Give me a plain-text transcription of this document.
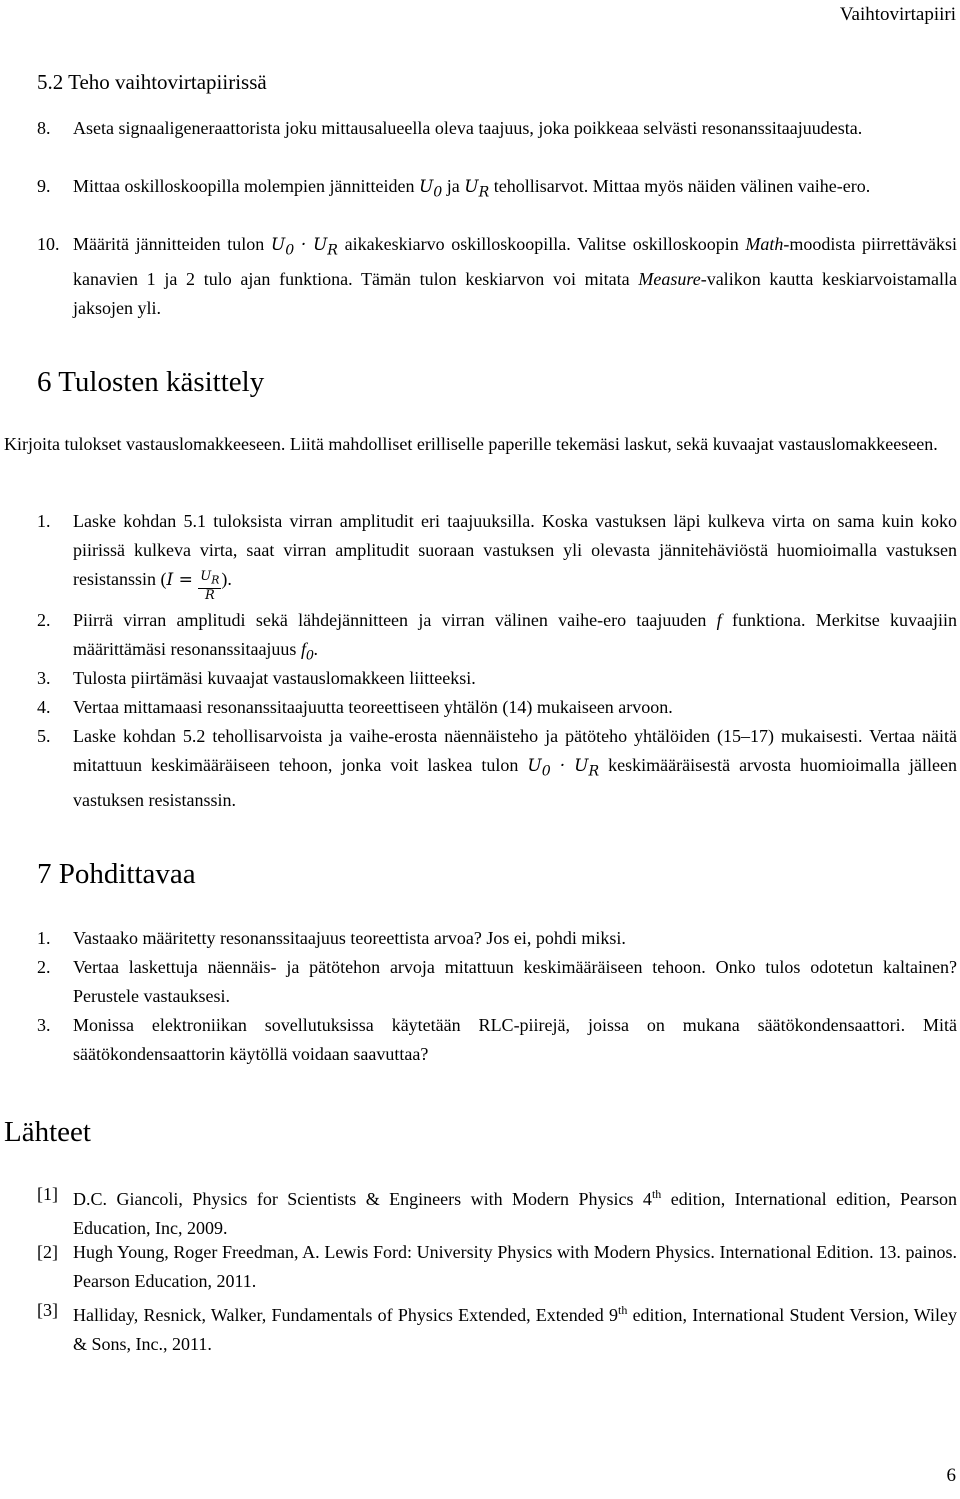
Vaihtovirtapiiri
5.2 Teho vaihtovirtapiirissä
8. Aseta signaaligeneraattorista joku mittausalueella oleva taajuus, joka poikkeaa selvästi resonanssitaajuudesta.
9. Mittaa oskilloskoopilla molempien jännitteiden $U_0$ ja $U_R$ tehollisarvot. Mittaa myös näiden välinen vaihe-ero.
10. Määritä jännitteiden tulon $U_0 \cdot U_R$ aikakeskiarvo oskilloskoopilla. Valitse oskilloskoopin Math-moodista piirrettäväksi kanavien 1 ja 2 tulo ajan funktiona. Tämän tulon keskiarvon voi mitata Measure-valikon kautta keskiarvoistamalla jaksojen yli.
6 Tulosten käsittely
Kirjoita tulokset vastauslomakkeeseen. Liitä mahdolliset erilliselle paperille tekemäsi laskut, sekä kuvaajat vastauslomakkeeseen.
1. Laske kohdan 5.1 tuloksista virran amplitudit eri taajuuksilla. Koska vastuksen läpi kulkeva virta on sama kuin koko piirissä kulkeva virta, saat virran amplitudit suoraan vastuksen yli olevasta jännitehäviöstä huomioimalla vastuksen resistanssin ($I = \frac{U_R}{R}$ ).
2. Piirrä virran amplitudi sekä lähdejännitteen ja virran välinen vaihe-ero taajuuden f funktiona. Merkitse kuvaajiin määrittämäsi resonanssitaajuus $f_0$.
3. Tulosta piirtämäsi kuvaajat vastauslomakkeen liitteeksi.
4. Vertaa mittamaasi resonanssitaajuutta teoreettiseen yhtälön (14) mukaiseen arvoon.
5. Laske kohdan 5.2 tehollisarvoista ja vaihe-erosta näennäisteho ja pätöteho yhtälöiden (15–17) mukaisesti. Vertaa näitä mitattuun keskimääräiseen tehoon, jonka voit laskea tulon $U_0 \cdot U_R$ keskimääräisestä arvosta huomioimalla jälleen vastuksen resistanssin.
7 Pohdittavaa
1. Vastaako määritetty resonanssitaajuus teoreettista arvoa? Jos ei, pohdi miksi.
2. Vertaa laskettuja näennäis- ja pätötehon arvoja mitattuun keskimääräiseen tehoon. Onko tulos odotetun kaltainen? Perustele vastauksesi.
3. Monissa elektroniikan sovellutuksissa käytetään RLC-piirejä, joissa on mukana säätökondensaattori. Mitä säätökondensaattorin käytöllä voidaan saavuttaa?
Lähteet
[1] D.C. Giancoli, Physics for Scientists & Engineers with Modern Physics 4th edition, International edition, Pearson Education, Inc, 2009.
[2] Hugh Young, Roger Freedman, A. Lewis Ford: University Physics with Modern Physics. International Edition. 13. painos. Pearson Education, 2011.
[3] Halliday, Resnick, Walker, Fundamentals of Physics Extended, Extended 9th edition, International Student Version, Wiley & Sons, Inc., 2011.
6
